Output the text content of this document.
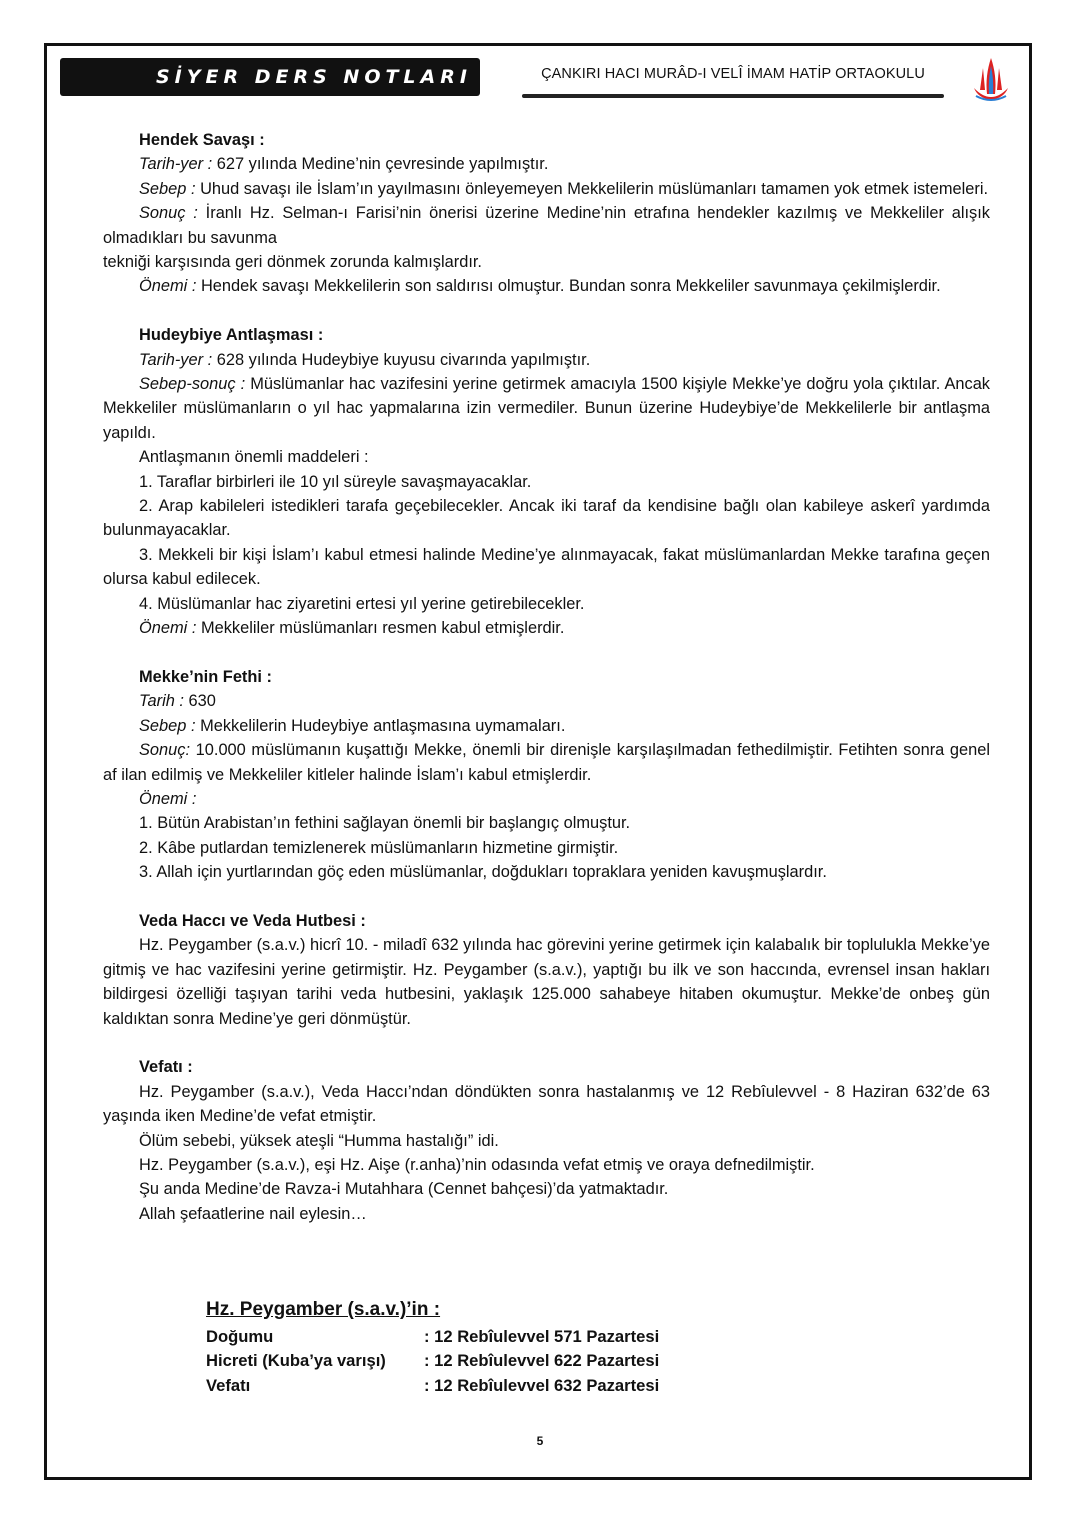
SİYER DERS NOTLARI	ÇANKIRI HACI MURÂD-I VELÎ İMAM HATİP ORTAOKULU

Hendek Savaşı :

Tarih-yer : 627 yılında Medine’nin çevresinde yapılmıştır.

Sebep : Uhud savaşı ile İslam’ın yayılmasını önleyemeyen Mekkelilerin müslümanları tamamen yok etmek istemeleri.

Sonuç : İranlı Hz. Selman-ı Farisi’nin önerisi üzerine Medine’nin etrafına hendekler kazılmış ve Mekkeliler alışık olmadıkları bu savunma

tekniği karşısında geri dönmek zorunda kalmışlardır.

Önemi : Hendek savaşı Mekkelilerin son saldırısı olmuştur. Bundan sonra Mekkeliler savunmaya çekilmişlerdir.

Hudeybiye Antlaşması :

Tarih-yer : 628 yılında Hudeybiye kuyusu civarında yapılmıştır.

Sebep-sonuç : Müslümanlar hac vazifesini yerine getirmek amacıyla 1500 kişiyle Mekke’ye doğru yola çıktılar. Ancak Mekkeliler müslümanların o yıl hac yapmalarına izin vermediler. Bunun üzerine Hudeybiye’de Mekkelilerle bir antlaşma yapıldı.

Antlaşmanın önemli maddeleri :

1. Taraflar birbirleri ile 10 yıl süreyle savaşmayacaklar.

2. Arap kabileleri istedikleri tarafa geçebilecekler. Ancak iki taraf da kendisine bağlı olan kabileye askerî yardımda bulunmayacaklar.

3. Mekkeli bir kişi İslam’ı kabul etmesi halinde Medine’ye alınmayacak, fakat müslümanlardan Mekke tarafına geçen olursa kabul edilecek.

4. Müslümanlar hac ziyaretini ertesi yıl yerine getirebilecekler.

Önemi : Mekkeliler müslümanları resmen kabul etmişlerdir.

Mekke’nin Fethi :

Tarih : 630

Sebep : Mekkelilerin Hudeybiye antlaşmasına uymamaları.

Sonuç: 10.000 müslümanın kuşattığı Mekke, önemli bir direnişle karşılaşılmadan fethedilmiştir. Fetihten sonra genel af ilan edilmiş ve Mekkeliler kitleler halinde İslam’ı kabul etmişlerdir.

Önemi :

1. Bütün Arabistan’ın fethini sağlayan önemli bir başlangıç olmuştur.

2. Kâbe putlardan temizlenerek müslümanların hizmetine girmiştir.

3. Allah için yurtlarından göç eden müslümanlar, doğdukları topraklara yeniden kavuşmuşlardır.

Veda Haccı ve Veda Hutbesi :

Hz. Peygamber (s.a.v.) hicrî 10. - miladî 632 yılında hac görevini yerine getirmek için kalabalık bir toplulukla Mekke’ye gitmiş ve hac vazifesini yerine getirmiştir. Hz. Peygamber (s.a.v.), yaptığı bu ilk ve son haccında, evrensel insan hakları bildirgesi özelliği taşıyan tarihi veda hutbesini, yaklaşık 125.000 sahabeye hitaben okumuştur. Mekke’de onbeş gün kaldıktan sonra Medine’ye geri dönmüştür.

Vefatı :

Hz. Peygamber (s.a.v.), Veda Haccı’ndan döndükten sonra hastalanmış ve 12 Rebîulevvel - 8 Haziran 632’de 63 yaşında iken Medine’de vefat etmiştir.

Ölüm sebebi, yüksek ateşli “Humma hastalığı” idi.

Hz. Peygamber (s.a.v.), eşi Hz. Aişe (r.anha)’nin odasında vefat etmiş ve oraya defnedilmiştir.

Şu anda Medine’de Ravza-i Mutahhara (Cennet bahçesi)’da yatmaktadır.

Allah şefaatlerine nail eylesin…

Hz. Peygamber (s.a.v.)’in :
Doğumu	: 12 Rebîulevvel 571 Pazartesi
Hicreti (Kuba’ya varışı)	: 12 Rebîulevvel 622 Pazartesi
Vefatı	: 12 Rebîulevvel 632 Pazartesi
5
